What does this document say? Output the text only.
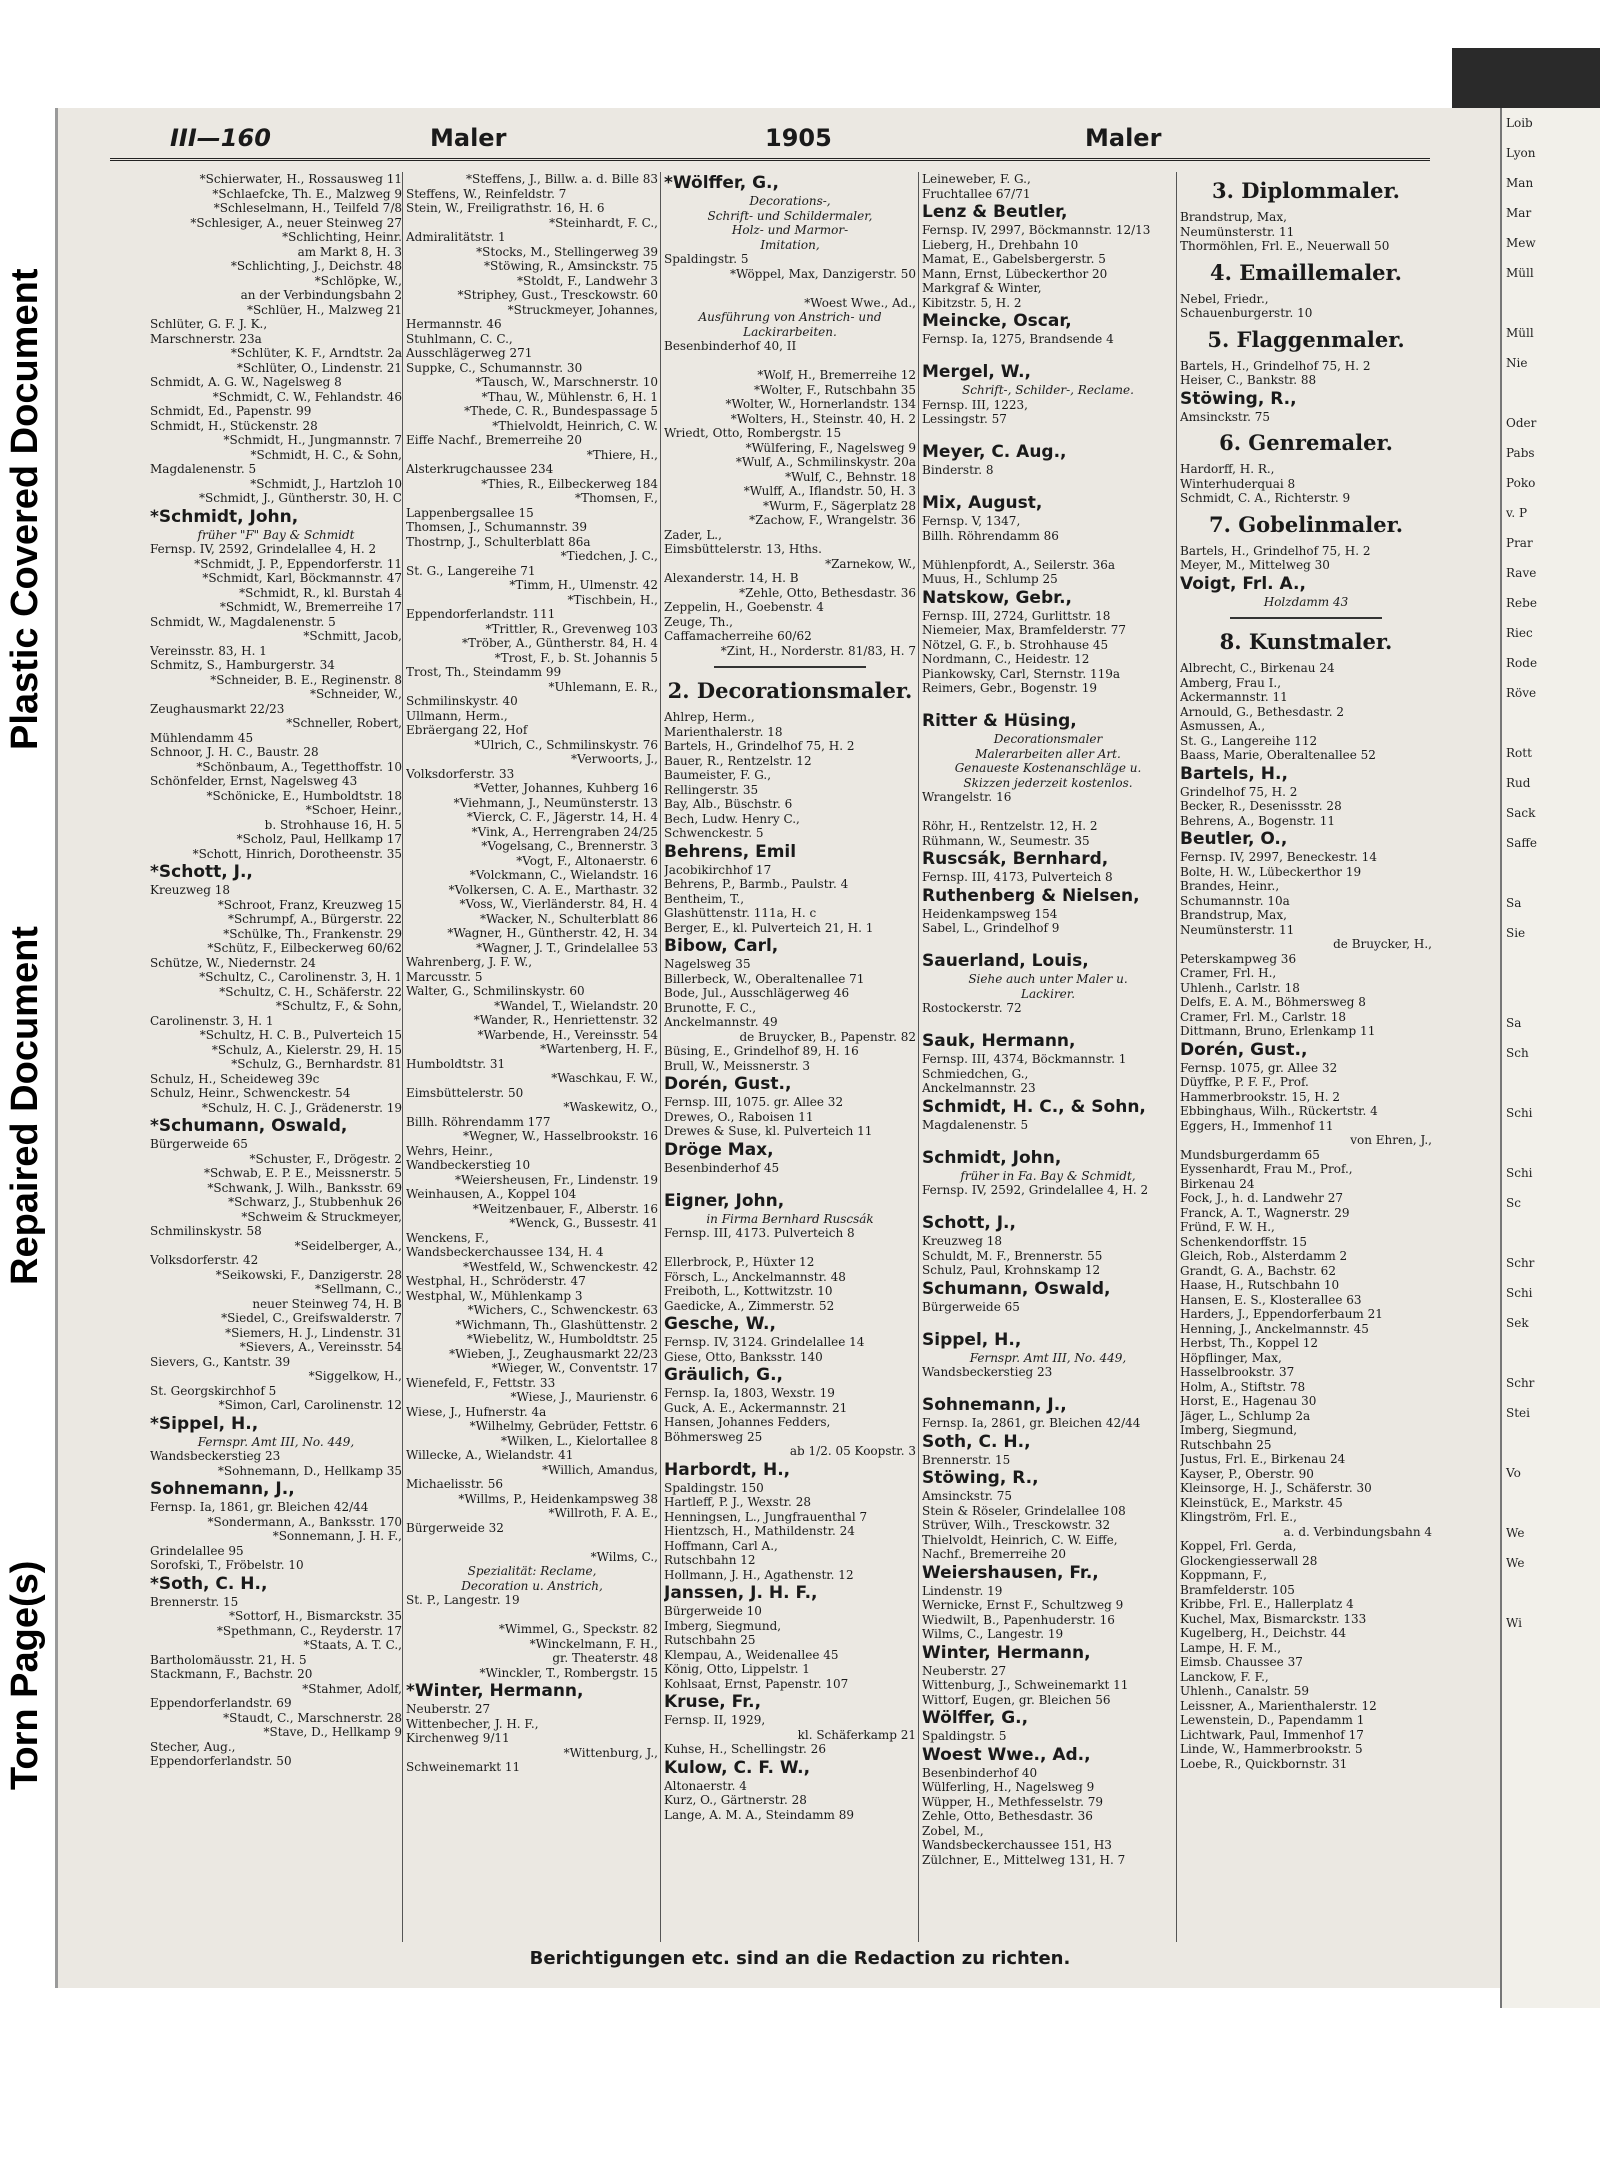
Plastic Covered Document
Repaired Document
Torn Page(s)
III—160	Maler	1905	Maler
*Schierwater, H., Rossausweg 11
*Schlaefcke, Th. E., Malzweg 9
*Schleselmann, H., Teilfeld 7/8
*Schlesiger, A., neuer Steinweg 27
*Schlichting, Heinr.
am Markt 8, H. 3
*Schlichting, J., Deichstr. 48
*Schlöpke, W.,
an der Verbindungsbahn 2
*Schlüer, H., Malzweg 21
Schlüter, G. F. J. K.,
Marschnerstr. 23a
*Schlüter, K. F., Arndtstr. 2a
*Schlüter, O., Lindenstr. 21
Schmidt, A. G. W., Nagelsweg 8
*Schmidt, C. W., Fehlandstr. 46
Schmidt, Ed., Papenstr. 99
Schmidt, H., Stückenstr. 28
*Schmidt, H., Jungmannstr. 7
*Schmidt, H. C., & Sohn,
Magdalenenstr. 5
*Schmidt, J., Hartzloh 10
*Schmidt, J., Güntherstr. 30, H. C
*Schmidt, John,
früher "F" Bay & Schmidt
Fernsp. IV, 2592, Grindelallee 4, H. 2
*Schmidt, J. P., Eppendorferstr. 11
*Schmidt, Karl, Böckmannstr. 47
*Schmidt, R., kl. Burstah 4
*Schmidt, W., Bremerreihe 17
Schmidt, W., Magdalenenstr. 5
*Schmitt, Jacob,
Vereinsstr. 83, H. 1
Schmitz, S., Hamburgerstr. 34
*Schneider, B. E., Reginenstr. 8
*Schneider, W.,
Zeughausmarkt 22/23
*Schneller, Robert,
Mühlendamm 45
Schnoor, J. H. C., Baustr. 28
*Schönbaum, A., Tegetthoffstr. 10
Schönfelder, Ernst, Nagelsweg 43
*Schönicke, E., Humboldtstr. 18
*Schoer, Heinr.,
b. Strohhause 16, H. 5
*Scholz, Paul, Hellkamp 17
*Schott, Hinrich, Dorotheenstr. 35
*Schott, J.,
Kreuzweg 18
*Schroot, Franz, Kreuzweg 15
*Schrumpf, A., Bürgerstr. 22
*Schülke, Th., Frankenstr. 29
*Schütz, F., Eilbeckerweg 60/62
Schütze, W., Niedernstr. 24
*Schultz, C., Carolinenstr. 3, H. 1
*Schultz, C. H., Schäferstr. 22
*Schultz, F., & Sohn,
Carolinenstr. 3, H. 1
*Schultz, H. C. B., Pulverteich 15
*Schulz, A., Kielerstr. 29, H. 15
*Schulz, G., Bernhardstr. 81
Schulz, H., Scheideweg 39c
Schulz, Heinr., Schwenckestr. 54
*Schulz, H. C. J., Grädenerstr. 19
*Schumann, Oswald,
Bürgerweide 65
*Schuster, F., Drögestr. 2
*Schwab, E. P. E., Meissnerstr. 5
*Schwank, J. Wilh., Banksstr. 69
*Schwarz, J., Stubbenhuk 26
*Schweim & Struckmeyer,
Schmilinskystr. 58
*Seidelberger, A.,
Volksdorferstr. 42
*Seikowski, F., Danzigerstr. 28
*Sellmann, C.,
neuer Steinweg 74, H. B
*Siedel, C., Greifswalderstr. 7
*Siemers, H. J., Lindenstr. 31
*Sievers, A., Vereinsstr. 54
Sievers, G., Kantstr. 39
*Siggelkow, H.,
St. Georgskirchhof 5
*Simon, Carl, Carolinenstr. 12
*Sippel, H.,
Fernspr. Amt III, No. 449,
Wandsbeckerstieg 23
*Sohnemann, D., Hellkamp 35
Sohnemann, J.,
Fernsp. Ia, 1861, gr. Bleichen 42/44
*Sondermann, A., Banksstr. 170
*Sonnemann, J. H. F.,
Grindelallee 95
Sorofski, T., Fröbelstr. 10
*Soth, C. H.,
Brennerstr. 15
*Sottorf, H., Bismarckstr. 35
*Spethmann, C., Reyderstr. 17
*Staats, A. T. C.,
Bartholomäusstr. 21, H. 5
Stackmann, F., Bachstr. 20
*Stahmer, Adolf,
Eppendorferlandstr. 69
*Staudt, C., Marschnerstr. 28
*Stave, D., Hellkamp 9
Stecher, Aug.,
Eppendorferlandstr. 50
*Steffens, J., Billw. a. d. Bille 83
Steffens, W., Reinfeldstr. 7
Stein, W., Freiligrathstr. 16, H. 6
*Steinhardt, F. C.,
Admiralitätstr. 1
*Stocks, M., Stellingerweg 39
*Stöwing, R., Amsinckstr. 75
*Stoldt, F., Landwehr 3
*Striphey, Gust., Tresckowstr. 60
*Struckmeyer, Johannes,
Hermannstr. 46
Stuhlmann, C. C.,
Ausschlägerweg 271
Suppke, C., Schumannstr. 30
*Tausch, W., Marschnerstr. 10
*Thau, W., Mühlenstr. 6, H. 1
*Thede, C. R., Bundespassage 5
*Thielvoldt, Heinrich, C. W.
Eiffe Nachf., Bremerreihe 20
*Thiere, H.,
Alsterkrugchaussee 234
*Thies, R., Eilbeckerweg 184
*Thomsen, F.,
Lappenbergsallee 15
Thomsen, J., Schumannstr. 39
Thostrnp, J., Schulterblatt 86a
*Tiedchen, J. C.,
St. G., Langereihe 71
*Timm, H., Ulmenstr. 42
*Tischbein, H.,
Eppendorferlandstr. 111
*Trittler, R., Grevenweg 103
*Tröber, A., Güntherstr. 84, H. 4
*Trost, F., b. St. Johannis 5
Trost, Th., Steindamm 99
*Uhlemann, E. R.,
Schmilinskystr. 40
Ullmann, Herm.,
Ebräergang 22, Hof
*Ulrich, C., Schmilinskystr. 76
*Verwoorts, J.,
Volksdorferstr. 33
*Vetter, Johannes, Kuhberg 16
*Viehmann, J., Neumünsterstr. 13
*Vierck, C. F., Jägerstr. 14, H. 4
*Vink, A., Herrengraben 24/25
*Vogelsang, C., Brennerstr. 3
*Vogt, F., Altonaerstr. 6
*Volckmann, C., Wielandstr. 16
*Volkersen, C. A. E., Marthastr. 32
*Voss, W., Vierländerstr. 84, H. 4
*Wacker, N., Schulterblatt 86
*Wagner, H., Güntherstr. 42, H. 34
*Wagner, J. T., Grindelallee 53
Wahrenberg, J. F. W.,
Marcusstr. 5
Walter, G., Schmilinskystr. 60
*Wandel, T., Wielandstr. 20
*Wander, R., Henriettenstr. 32
*Warbende, H., Vereinsstr. 54
*Wartenberg, H. F.,
Humboldtstr. 31
*Waschkau, F. W.,
Eimsbüttelerstr. 50
*Waskewitz, O.,
Billh. Röhrendamm 177
*Wegner, W., Hasselbrookstr. 16
Wehrs, Heinr.,
Wandbeckerstieg 10
*Weiersheusen, Fr., Lindenstr. 19
Weinhausen, A., Koppel 104
*Weitzenbauer, F., Alberstr. 16
*Wenck, G., Bussestr. 41
Wenckens, F.,
Wandsbeckerchaussee 134, H. 4
*Westfeld, W., Schwenckestr. 42
Westphal, H., Schröderstr. 47
Westphal, W., Mühlenkamp 3
*Wichers, C., Schwenckestr. 63
*Wichmann, Th., Glashüttenstr. 2
*Wiebelitz, W., Humboldtstr. 25
*Wieben, J., Zeughausmarkt 22/23
*Wieger, W., Conventstr. 17
Wienefeld, F., Fettstr. 33
*Wiese, J., Maurienstr. 6
Wiese, J., Hufnerstr. 4a
*Wilhelmy, Gebrüder, Fettstr. 6
*Wilken, L., Kielortallee 8
Willecke, A., Wielandstr. 41
*Willich, Amandus,
Michaelisstr. 56
*Willms, P., Heidenkampsweg 38
*Willroth, F. A. E.,
Bürgerweide 32

*Wilms, C.,
Spezialität: Reclame,
Decoration u. Anstrich,
St. P., Langestr. 19

*Wimmel, G., Speckstr. 82
*Winckelmann, F. H.,
gr. Theaterstr. 48
*Winckler, T., Rombergstr. 15
*Winter, Hermann,
Neuberstr. 27
Wittenbecher, J. H. F.,
Kirchenweg 9/11
*Wittenburg, J.,
Schweinemarkt 11
*Wölffer, G.,
Decorations-,
Schrift- und Schildermaler,
Holz- und Marmor-
Imitation,
Spaldingstr. 5
*Wöppel, Max, Danzigerstr. 50

*Woest Wwe., Ad.,
Ausführung von Anstrich- und
Lackirarbeiten.
Besenbinderhof 40, II

*Wolf, H., Bremerreihe 12
*Wolter, F., Rutschbahn 35
*Wolter, W., Hornerlandstr. 134
*Wolters, H., Steinstr. 40, H. 2
Wriedt, Otto, Rombergstr. 15
*Wülfering, F., Nagelsweg 9
*Wulf, A., Schmilinskystr. 20a
*Wulf, C., Behnstr. 18
*Wulff, A., Iflandstr. 50, H. 3
*Wurm, F., Sägerplatz 28
*Zachow, F., Wrangelstr. 36
Zader, L.,
Eimsbüttelerstr. 13, Hths.
*Zarnekow, W.,
Alexanderstr. 14, H. B
*Zehle, Otto, Bethesdastr. 36
Zeppelin, H., Goebenstr. 4
Zeuge, Th.,
Caffamacherreihe 60/62
*Zint, H., Norderstr. 81/83, H. 7
2. Decorationsmaler.
Ahlrep, Herm.,
Marienthalerstr. 18
Bartels, H., Grindelhof 75, H. 2
Bauer, R., Rentzelstr. 12
Baumeister, F. G.,
Rellingerstr. 35
Bay, Alb., Büschstr. 6
Bech, Ludw. Henry C.,
Schwenckestr. 5
Behrens, Emil
Jacobikirchhof 17
Behrens, P., Barmb., Paulstr. 4
Bentheim, T.,
Glashüttenstr. 111a, H. c
Berger, E., kl. Pulverteich 21, H. 1
Bibow, Carl,
Nagelsweg 35
Billerbeck, W., Oberaltenallee 71
Bode, Jul., Ausschlägerweg 46
Brunotte, F. C.,
Anckelmannstr. 49
de Bruycker, B., Papenstr. 82
Büsing, E., Grindelhof 89, H. 16
Brull, W., Meissnerstr. 3
Dorén, Gust.,
Fernsp. III, 1075. gr. Allee 32
Drewes, O., Raboisen 11
Drewes & Suse, kl. Pulverteich 11
Dröge Max,
Besenbinderhof 45

Eigner, John,
in Firma Bernhard Ruscsák
Fernsp. III, 4173. Pulverteich 8

Ellerbrock, P., Hüxter 12
Försch, L., Anckelmannstr. 48
Freiboth, L., Kottwitzstr. 10
Gaedicke, A., Zimmerstr. 52
Gesche, W.,
Fernsp. IV, 3124. Grindelallee 14
Giese, Otto, Banksstr. 140
Gräulich, G.,
Fernsp. Ia, 1803, Wexstr. 19
Guck, A. E., Ackermannstr. 21
Hansen, Johannes Fedders,
Böhmersweg 25
ab 1/2. 05 Koopstr. 3
Harbordt, H.,
Spaldingstr. 150
Hartleff, P. J., Wexstr. 28
Henningsen, L., Jungfrauenthal 7
Hientzsch, H., Mathildenstr. 24
Hoffmann, Carl A.,
Rutschbahn 12
Hollmann, J. H., Agathenstr. 12
Janssen, J. H. F.,
Bürgerweide 10
Imberg, Siegmund,
Rutschbahn 25
Klempau, A., Weidenallee 45
König, Otto, Lippelstr. 1
Kohlsaat, Ernst, Papenstr. 107
Kruse, Fr.,
Fernsp. II, 1929,
kl. Schäferkamp 21
Kuhse, H., Schellingstr. 26
Kulow, C. F. W.,
Altonaerstr. 4
Kurz, O., Gärtnerstr. 28
Lange, A. M. A., Steindamm 89
Leineweber, F. G.,
Fruchtallee 67/71
Lenz & Beutler,
Fernsp. IV, 2997, Böckmannstr. 12/13
Lieberg, H., Drehbahn 10
Mamat, E., Gabelsbergerstr. 5
Mann, Ernst, Lübeckerthor 20
Markgraf & Winter,
Kibitzstr. 5, H. 2
Meincke, Oscar,
Fernsp. Ia, 1275, Brandsende 4

Mergel, W.,
Schrift-, Schilder-, Reclame.
Fernsp. III, 1223,
Lessingstr. 57

Meyer, C. Aug.,
Binderstr. 8

Mix, August,
Fernsp. V, 1347,
Billh. Röhrendamm 86

Mühlenpfordt, A., Seilerstr. 36a
Muus, H., Schlump 25
Natskow, Gebr.,
Fernsp. III, 2724, Gurlittstr. 18
Niemeier, Max, Bramfelderstr. 77
Nötzel, G. F., b. Strohhause 45
Nordmann, C., Heidestr. 12
Piankowsky, Carl, Sternstr. 119a
Reimers, Gebr., Bogenstr. 19

Ritter & Hüsing,
Decorationsmaler
Malerarbeiten aller Art.
Genaueste Kostenanschläge u.
Skizzen jederzeit kostenlos.
Wrangelstr. 16

Röhr, H., Rentzelstr. 12, H. 2
Rühmann, W., Seumestr. 35
Ruscsák, Bernhard,
Fernsp. III, 4173, Pulverteich 8
Ruthenberg & Nielsen,
Heidenkampsweg 154
Sabel, L., Grindelhof 9

Sauerland, Louis,
Siehe auch unter Maler u.
Lackirer.
Rostockerstr. 72

Sauk, Hermann,
Fernsp. III, 4374, Böckmannstr. 1
Schmiedchen, G.,
Anckelmannstr. 23
Schmidt, H. C., & Sohn,
Magdalenenstr. 5

Schmidt, John,
früher in Fa. Bay & Schmidt,
Fernsp. IV, 2592, Grindelallee 4, H. 2

Schott, J.,
Kreuzweg 18
Schuldt, M. F., Brennerstr. 55
Schulz, Paul, Krohnskamp 12
Schumann, Oswald,
Bürgerweide 65

Sippel, H.,
Fernspr. Amt III, No. 449,
Wandsbeckerstieg 23

Sohnemann, J.,
Fernsp. Ia, 2861, gr. Bleichen 42/44
Soth, C. H.,
Brennerstr. 15
Stöwing, R.,
Amsinckstr. 75
Stein & Röseler, Grindelallee 108
Strüver, Wilh., Tresckowstr. 32
Thielvoldt, Heinrich, C. W. Eiffe,
Nachf., Bremerreihe 20
Weiershausen, Fr.,
Lindenstr. 19
Wernicke, Ernst F., Schultzweg 9
Wiedwilt, B., Papenhuderstr. 16
Wilms, C., Langestr. 19
Winter, Hermann,
Neuberstr. 27
Wittenburg, J., Schweinemarkt 11
Wittorf, Eugen, gr. Bleichen 56
Wölffer, G.,
Spaldingstr. 5
Woest Wwe., Ad.,
Besenbinderhof 40
Wülferling, H., Nagelsweg 9
Wüpper, H., Methfesselstr. 79
Zehle, Otto, Bethesdastr. 36
Zobel, M.,
Wandsbeckerchaussee 151, H3
Zülchner, E., Mittelweg 131, H. 7
3. Diplommaler.
Brandstrup, Max,
Neumünsterstr. 11
Thormöhlen, Frl. E., Neuerwall 50
4. Emaillemaler.
Nebel, Friedr.,
Schauenburgerstr. 10
5. Flaggenmaler.
Bartels, H., Grindelhof 75, H. 2
Heiser, C., Bankstr. 88
Stöwing, R.,
Amsinckstr. 75
6. Genremaler.
Hardorff, H. R.,
Winterhuderquai 8
Schmidt, C. A., Richterstr. 9
7. Gobelinmaler.
Bartels, H., Grindelhof 75, H. 2
Meyer, M., Mittelweg 30
Voigt, Frl. A.,
Holzdamm 43
8. Kunstmaler.
Albrecht, C., Birkenau 24
Amberg, Frau I.,
Ackermannstr. 11
Arnould, G., Bethesdastr. 2
Asmussen, A.,
St. G., Langereihe 112
Baass, Marie, Oberaltenallee 52
Bartels, H.,
Grindelhof 75, H. 2
Becker, R., Desenissstr. 28
Behrens, A., Bogenstr. 11
Beutler, O.,
Fernsp. IV, 2997, Beneckestr. 14
Bolte, H. W., Lübeckerthor 19
Brandes, Heinr.,
Schumannstr. 10a
Brandstrup, Max,
Neumünsterstr. 11
de Bruycker, H.,
Peterskampweg 36
Cramer, Frl. H.,
Uhlenh., Carlstr. 18
Delfs, E. A. M., Böhmersweg 8
Cramer, Frl. M., Carlstr. 18
Dittmann, Bruno, Erlenkamp 11
Dorén, Gust.,
Fernsp. 1075, gr. Allee 32
Düyffke, P. F. F., Prof.
Hammerbrookstr. 15, H. 2
Ebbinghaus, Wilh., Rückertstr. 4
Eggers, H., Immenhof 11
von Ehren, J.,
Mundsburgerdamm 65
Eyssenhardt, Frau M., Prof.,
Birkenau 24
Fock, J., h. d. Landwehr 27
Franck, A. T., Wagnerstr. 29
Fründ, F. W. H.,
Schenkendorffstr. 15
Gleich, Rob., Alsterdamm 2
Grandt, G. A., Bachstr. 62
Haase, H., Rutschbahn 10
Hansen, E. S., Klosterallee 63
Harders, J., Eppendorferbaum 21
Henning, J., Anckelmannstr. 45
Herbst, Th., Koppel 12
Höpflinger, Max,
Hasselbrookstr. 37
Holm, A., Stiftstr. 78
Horst, E., Hagenau 30
Jäger, L., Schlump 2a
Imberg, Siegmund,
Rutschbahn 25
Justus, Frl. E., Birkenau 24
Kayser, P., Oberstr. 90
Kleinsorge, H. J., Schäferstr. 30
Kleinstück, E., Markstr. 45
Klingström, Frl. E.,
a. d. Verbindungsbahn 4
Koppel, Frl. Gerda,
Glockengiesserwall 28
Koppmann, F.,
Bramfelderstr. 105
Kribbe, Frl. E., Hallerplatz 4
Kuchel, Max, Bismarckstr. 133
Kugelberg, H., Deichstr. 44
Lampe, H. F. M.,
Eimsb. Chaussee 37
Lanckow, F. F.,
Uhlenh., Canalstr. 59
Leissner, A., Marienthalerstr. 12
Lewenstein, D., Papendamm 1
Lichtwark, Paul, Immenhof 17
Linde, W., Hammerbrookstr. 5
Loebe, R., Quickbornstr. 31
Loib
Lyon
Man
Mar
Mew
Müll

Müll
Nie

Oder
Pabs
Poko
v. P
Prar
Rave
Rebe
Riec
Rode
Röve

Rott
Rud
Sack
Saffe

Sa
Sie

Sa
Sch

Schi

Schi
Sc

Schr
Schi
Sek

Schr
Stei

Vo

We
We

Wi
Berichtigungen etc. sind an die Redaction zu richten.
